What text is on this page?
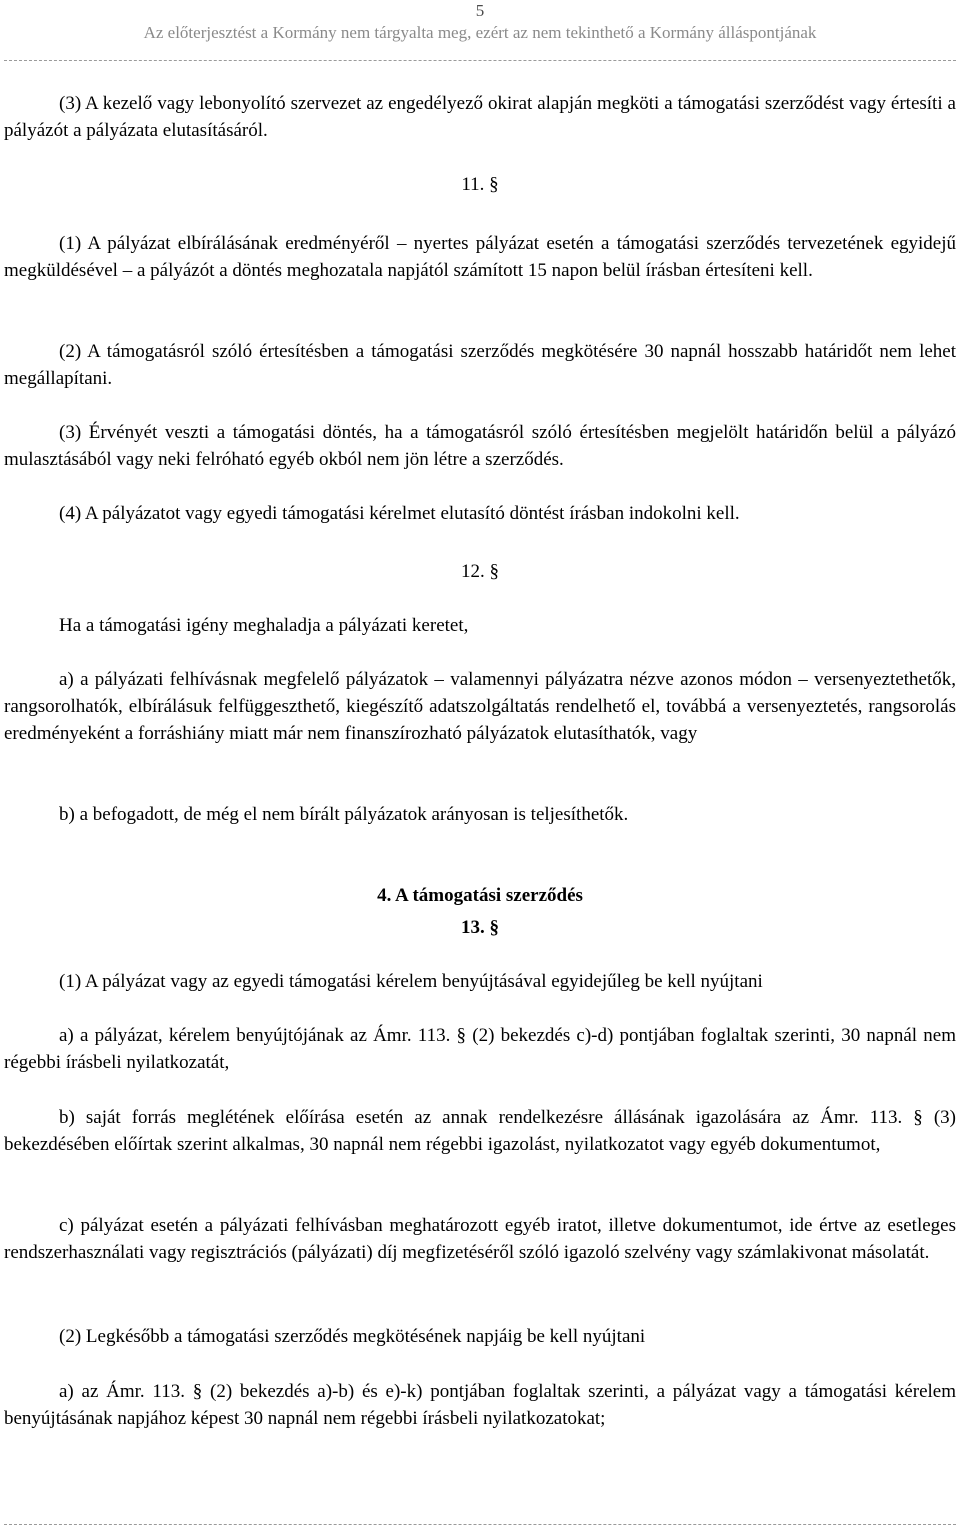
5
Az előterjesztést a Kormány nem tárgyalta meg, ezért az nem tekinthető a Kormány álláspontjának

(3) A kezelő vagy lebonyolító szervezet az engedélyező okirat alapján megköti a támogatási szerződést vagy értesíti a pályázót a pályázata elutasításáról.

11. §

(1) A pályázat elbírálásának eredményéről ‒ nyertes pályázat esetén a támogatási szerződés tervezetének egyidejű megküldésével ‒ a pályázót a döntés meghozatala napjától számított 15 napon belül írásban értesíteni kell.

(2) A támogatásról szóló értesítésben a támogatási szerződés megkötésére 30 napnál hosszabb határidőt nem lehet megállapítani.

(3) Érvényét veszti a támogatási döntés, ha a támogatásról szóló értesítésben megjelölt határidőn belül a pályázó mulasztásából vagy neki felróható egyéb okból nem jön létre a szerződés.

(4) A pályázatot vagy egyedi támogatási kérelmet elutasító döntést írásban indokolni kell.

12. §

Ha a támogatási igény meghaladja a pályázati keretet,

a) a pályázati felhívásnak megfelelő pályázatok ‒ valamennyi pályázatra nézve azonos módon ‒ versenyeztethetők, rangsorolhatók, elbírálásuk felfüggeszthető, kiegészítő adatszolgáltatás rendelhető el, továbbá a versenyeztetés, rangsorolás eredményeként a forráshiány miatt már nem finanszírozható pályázatok elutasíthatók, vagy

b) a befogadott, de még el nem bírált pályázatok arányosan is teljesíthetők.

4. A támogatási szerződés

13. §

(1) A pályázat vagy az egyedi támogatási kérelem benyújtásával egyidejűleg be kell nyújtani

a) a pályázat, kérelem benyújtójának az Ámr. 113. § (2) bekezdés c)-d) pontjában foglaltak szerinti, 30 napnál nem régebbi írásbeli nyilatkozatát,

b) saját forrás meglétének előírása esetén az annak rendelkezésre állásának igazolására az Ámr. 113. § (3) bekezdésében előírtak szerint alkalmas, 30 napnál nem régebbi igazolást, nyilatkozatot vagy egyéb dokumentumot,

c) pályázat esetén a pályázati felhívásban meghatározott egyéb iratot, illetve dokumentumot, ide értve az esetleges rendszerhasználati vagy regisztrációs (pályázati) díj megfizetéséről szóló igazoló szelvény vagy számlakivonat másolatát.

(2) Legkésőbb a támogatási szerződés megkötésének napjáig be kell nyújtani

a) az Ámr. 113. § (2) bekezdés a)-b) és e)-k) pontjában foglaltak szerinti, a pályázat vagy a támogatási kérelem benyújtásának napjához képest 30 napnál nem régebbi írásbeli nyilatkozatokat;
